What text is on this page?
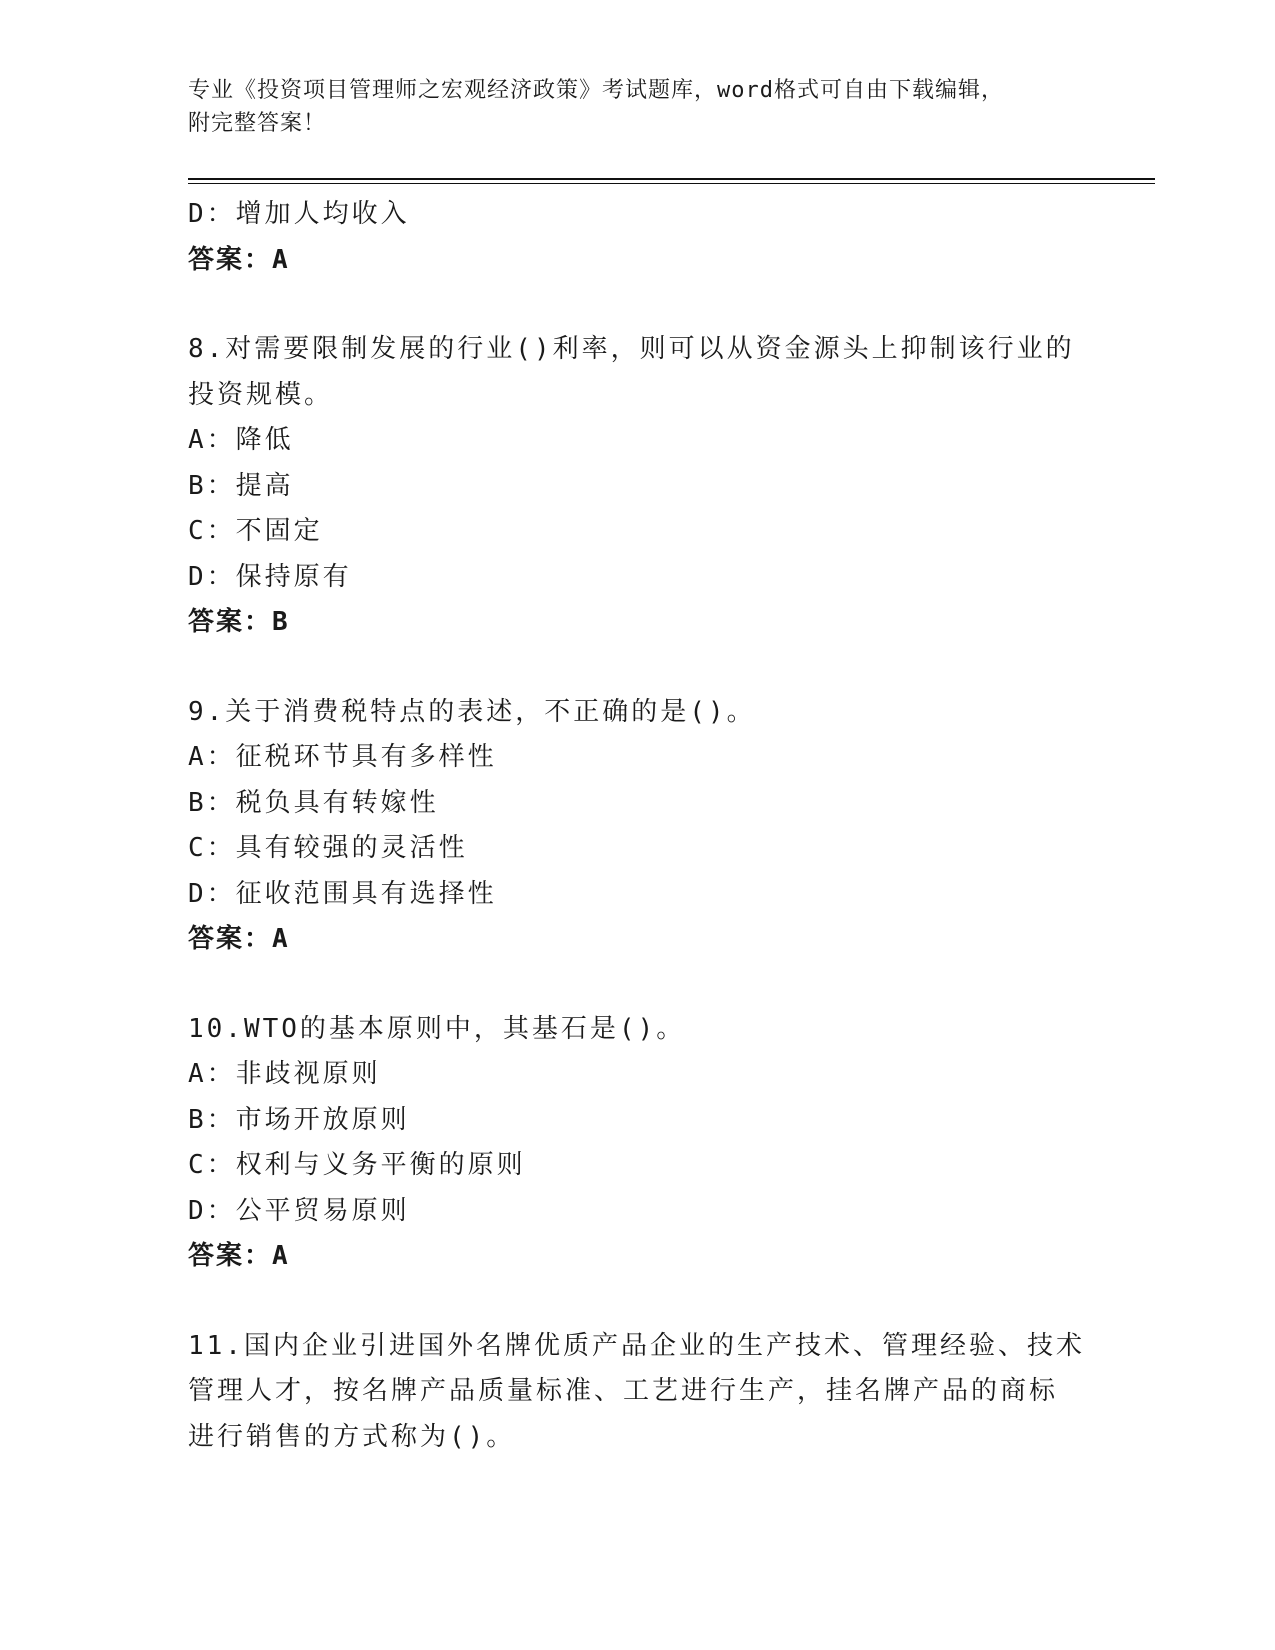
专业《投资项目管理师之宏观经济政策》考试题库，word格式可自由下载编辑，
附完整答案！
D：增加人均收入
答案：A
8.对需要限制发展的行业()利率，则可以从资金源头上抑制该行业的
投资规模。
A：降低
B：提高
C：不固定
D：保持原有
答案：B
9.关于消费税特点的表述，不正确的是()。
A：征税环节具有多样性
B：税负具有转嫁性
C：具有较强的灵活性
D：征收范围具有选择性
答案：A
10.WTO的基本原则中，其基石是()。
A：非歧视原则
B：市场开放原则
C：权利与义务平衡的原则
D：公平贸易原则
答案：A
11.国内企业引进国外名牌优质产品企业的生产技术、管理经验、技术
管理人才，按名牌产品质量标准、工艺进行生产，挂名牌产品的商标
进行销售的方式称为()。
